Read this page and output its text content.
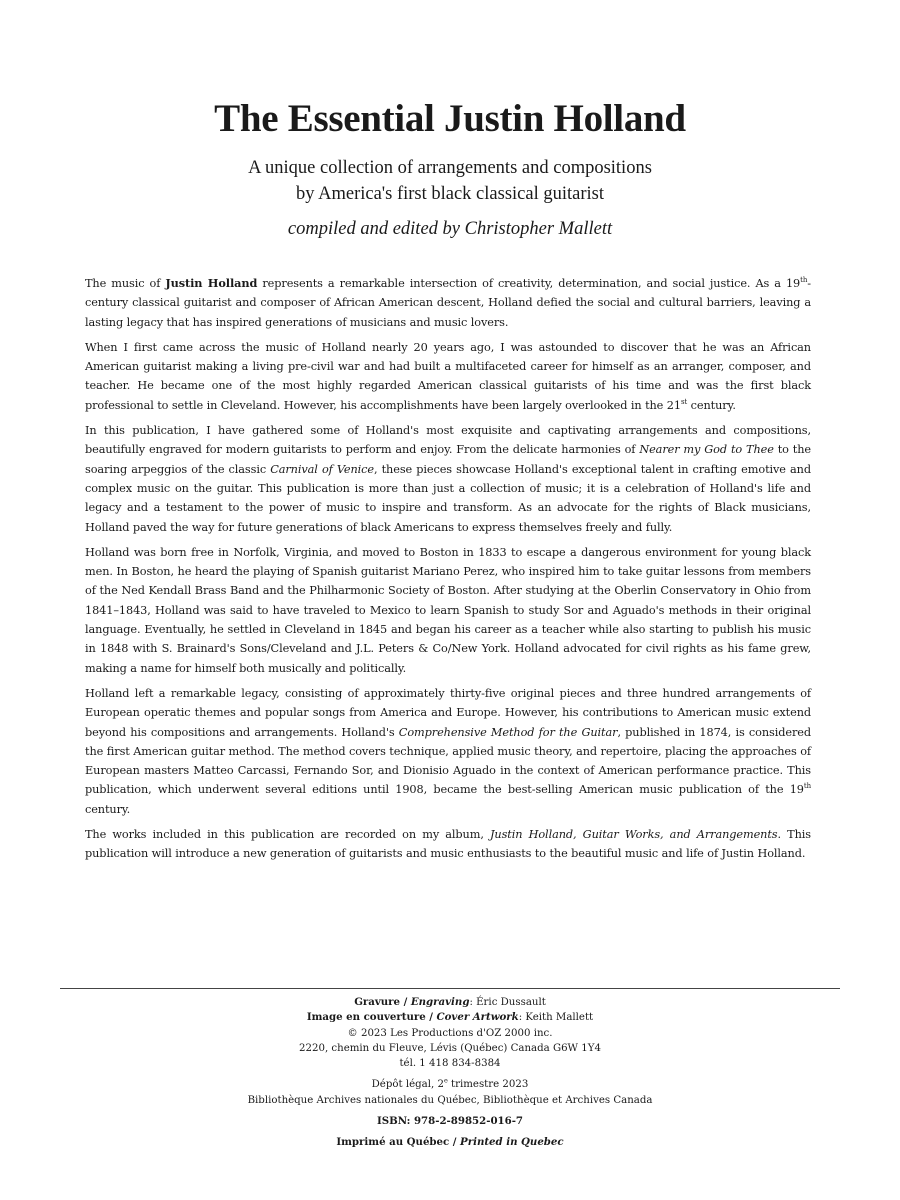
The Essential Justin Holland
A unique collection of arrangements and compositions
by America's first black classical guitarist
compiled and edited by Christopher Mallett

The music of Justin Holland represents a remarkable intersection of creativity, determination, and social justice. As a 19th-century classical guitarist and composer of African American descent, Holland defied the social and cultural barriers, leaving a lasting legacy that has inspired generations of musicians and music lovers.

When I first came across the music of Holland nearly 20 years ago, I was astounded to discover that he was an African American guitarist making a living pre-civil war and had built a multifaceted career for himself as an arranger, composer, and teacher. He became one of the most highly regarded American classical guitarists of his time and was the first black professional to settle in Cleveland. However, his accomplishments have been largely overlooked in the 21st century.

In this publication, I have gathered some of Holland's most exquisite and captivating arrangements and compositions, beautifully engraved for modern guitarists to perform and enjoy. From the delicate harmonies of Nearer my God to Thee to the soaring arpeggios of the classic Carnival of Venice, these pieces showcase Holland's exceptional talent in crafting emotive and complex music on the guitar. This publication is more than just a collection of music; it is a celebration of Holland's life and legacy and a testament to the power of music to inspire and transform. As an advocate for the rights of Black musicians, Holland paved the way for future generations of black Americans to express themselves freely and fully.

Holland was born free in Norfolk, Virginia, and moved to Boston in 1833 to escape a dangerous environment for young black men. In Boston, he heard the playing of Spanish guitarist Mariano Perez, who inspired him to take guitar lessons from members of the Ned Kendall Brass Band and the Philharmonic Society of Boston. After studying at the Oberlin Conservatory in Ohio from 1841–1843, Holland was said to have traveled to Mexico to learn Spanish to study Sor and Aguado's methods in their original language. Eventually, he settled in Cleveland in 1845 and began his career as a teacher while also starting to publish his music in 1848 with S. Brainard's Sons/Cleveland and J.L. Peters & Co/New York. Holland advocated for civil rights as his fame grew, making a name for himself both musically and politically.

Holland left a remarkable legacy, consisting of approximately thirty-five original pieces and three hundred arrangements of European operatic themes and popular songs from America and Europe. However, his contributions to American music extend beyond his compositions and arrangements. Holland's Comprehensive Method for the Guitar, published in 1874, is considered the first American guitar method. The method covers technique, applied music theory, and repertoire, placing the approaches of European masters Matteo Carcassi, Fernando Sor, and Dionisio Aguado in the context of American performance practice. This publication, which underwent several editions until 1908, became the best-selling American music publication of the 19th century.

The works included in this publication are recorded on my album, Justin Holland, Guitar Works, and Arrangements. This publication will introduce a new generation of guitarists and music enthusiasts to the beautiful music and life of Justin Holland.

Gravure / Engraving: Éric Dussault
Image en couverture / Cover Artwork: Keith Mallett
© 2023 Les Productions d'OZ 2000 inc.
2220, chemin du Fleuve, Lévis (Québec) Canada G6W 1Y4
tél. 1 418 834-8384
Dépôt légal, 2e trimestre 2023
Bibliothèque Archives nationales du Québec, Bibliothèque et Archives Canada
ISBN: 978-2-89852-016-7
Imprimé au Québec / Printed in Quebec
